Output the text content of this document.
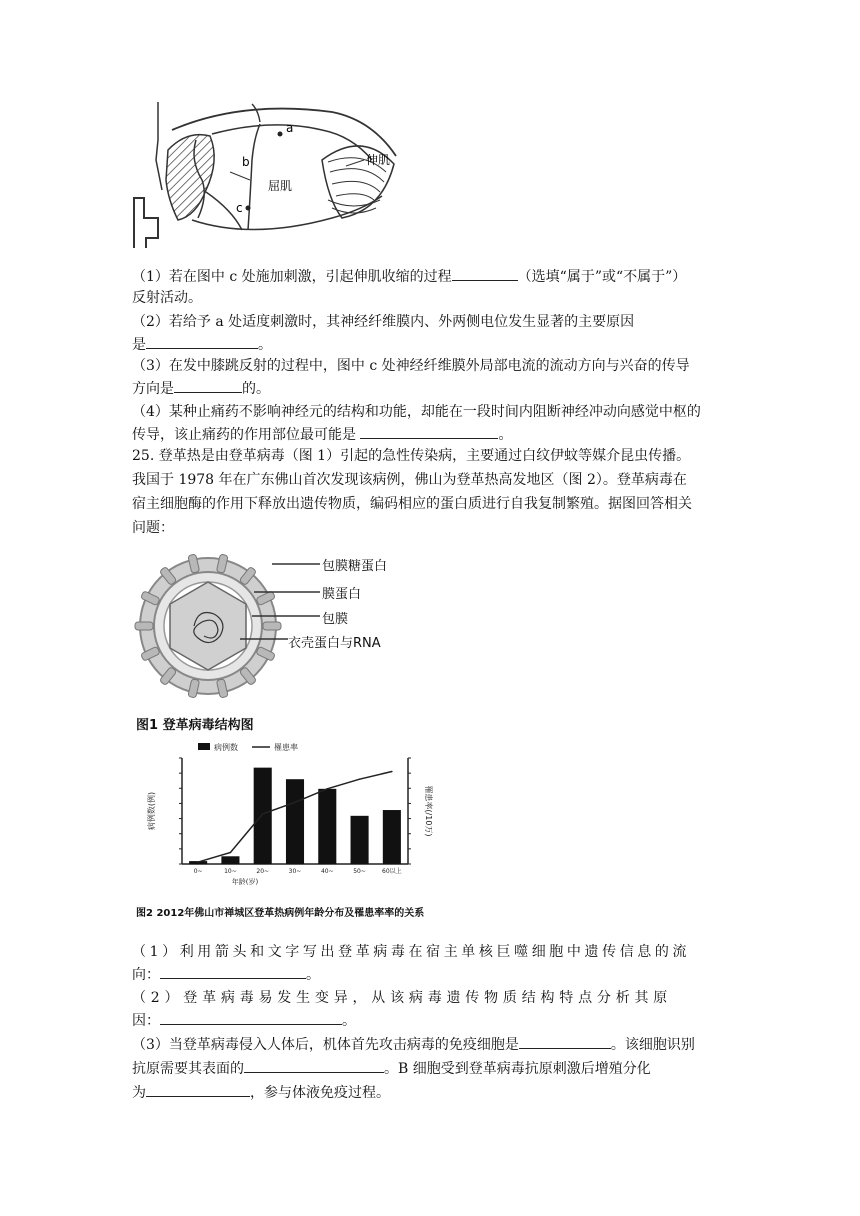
a
b
c
伸肌
屈肌
（1）若在图中 c 处施加刺激，引起伸肌收缩的过程	（选填“属于”或“不属于”）
反射活动。
（2）若给予 a 处适度刺激时，其神经纤维膜内、外两侧电位发生显著的主要原因
是	。
（3）在发中膝跳反射的过程中，图中 c 处神经纤维膜外局部电流的流动方向与兴奋的传导
方向是	的。
（4）某种止痛药不影响神经元的结构和功能，却能在一段时间内阻断神经冲动向感觉中枢的
传导，该止痛药的作用部位最可能是	。
25. 登革热是由登革病毒（图 1）引起的急性传染病，主要通过白纹伊蚊等媒介昆虫传播。
我国于 1978 年在广东佛山首次发现该病例，佛山为登革热高发地区（图 2）。登革病毒在
宿主细胞酶的作用下释放出遗传物质，编码相应的蛋白质进行自我复制繁殖。据图回答相关
问题：
包膜糖蛋白
膜蛋白
包膜
衣壳蛋白与RNA
图1 登革病毒结构图
病例数	罹患率
0~	10~	20~	30~	40~	50~	60以上
病例数(例)	罹患率(/10万)
年龄(岁)
图2 2012年佛山市禅城区登革热病例年龄分布及罹患率率的关系
（1）利用箭头和文字写出登革病毒在宿主单核巨噬细胞中遗传信息的流
向：	。
（2）登革病毒易发生变异，从该病毒遗传物质结构特点分析其原
因：	。
（3）当登革病毒侵入人体后，机体首先攻击病毒的免疫细胞是	。该细胞识别
抗原需要其表面的	。B 细胞受到登革病毒抗原刺激后增殖分化
为	，参与体液免疫过程。
